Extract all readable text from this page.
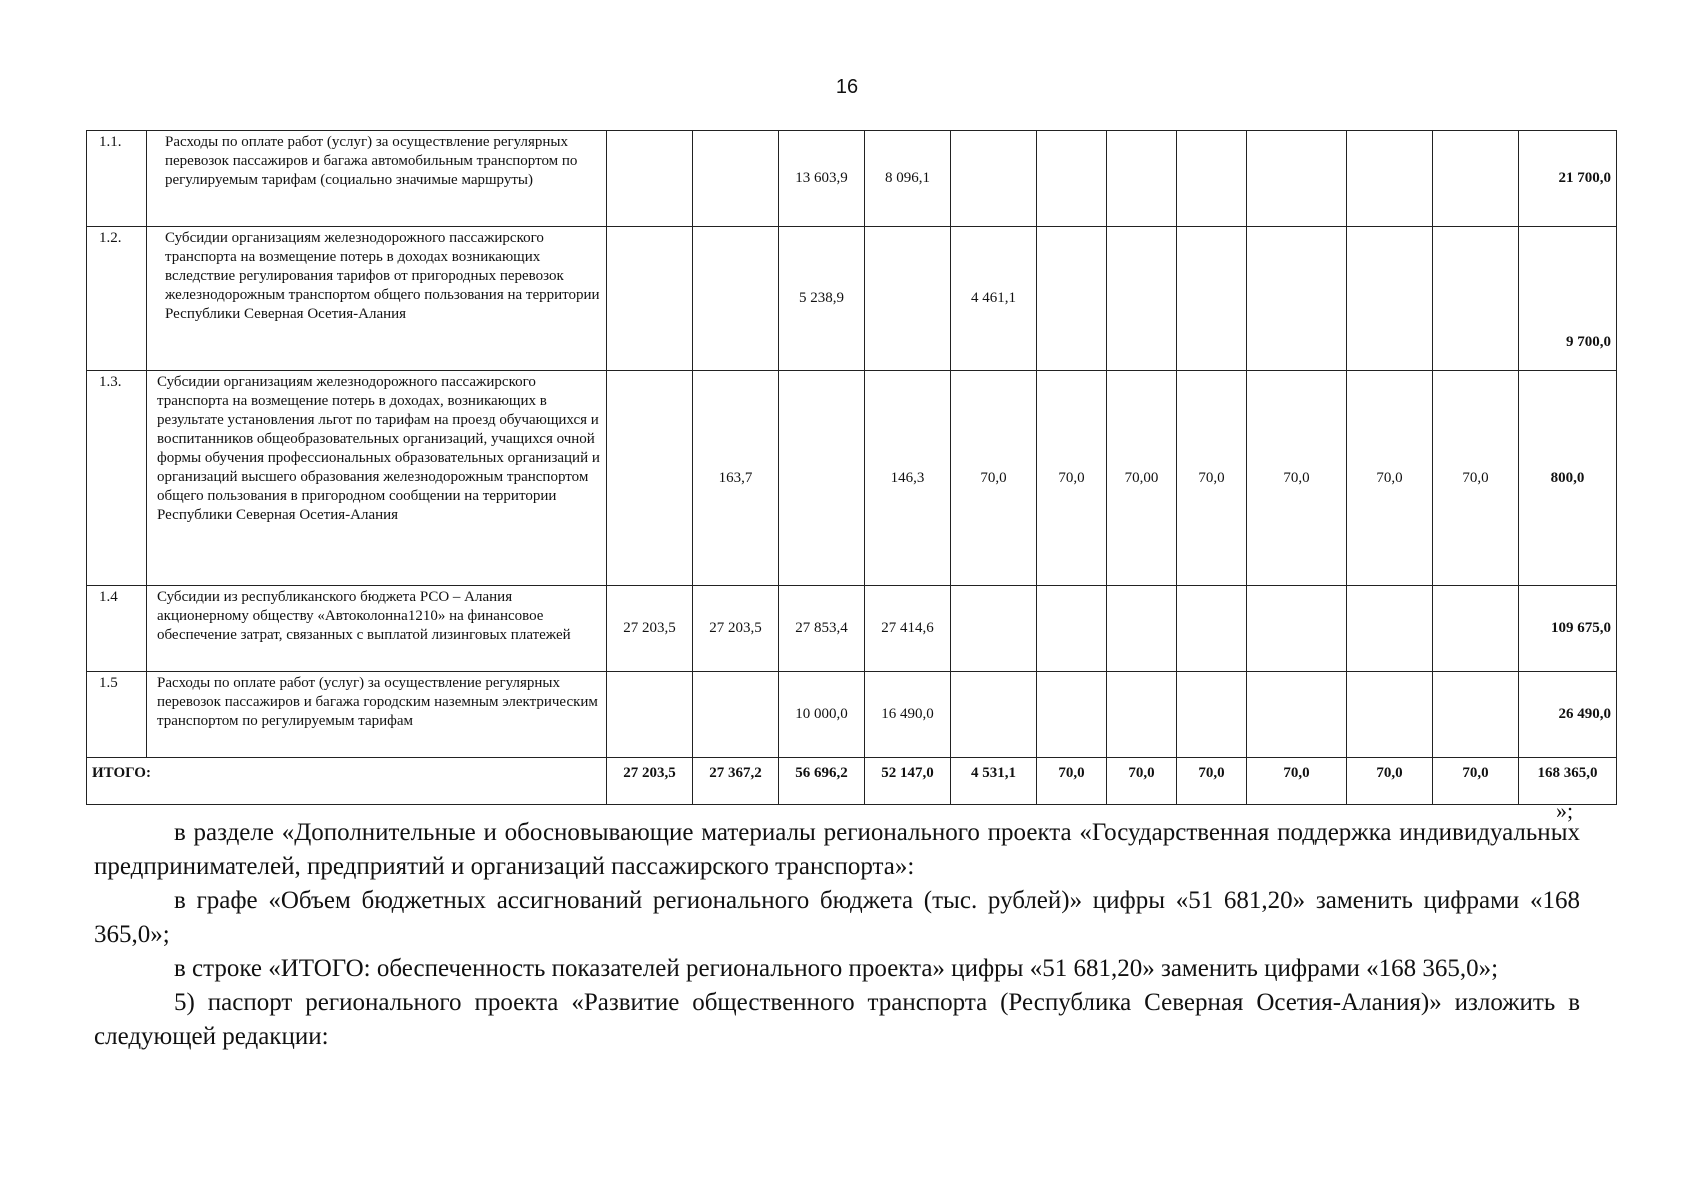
16
1.1.	Расходы по оплате работ (услуг) за осуществление регулярных перевозок пассажиров и багажа автомобильным транспортом по регулируемым тарифам (социально значимые маршруты)			13 603,9	8 096,1								21 700,0
1.2.	Субсидии организациям железнодорожного пассажирского транспорта на возмещение потерь в доходах возникающих вследствие регулирования тарифов от пригородных перевозок железнодорожным транспортом общего пользования на территории Республики Северная Осетия-Алания			5 238,9		4 461,1							9 700,0
1.3.	Субсидии организациям железнодорожного пассажирского транспорта на возмещение потерь в доходах, возникающих в результате установления льгот по тарифам на проезд обучающихся и воспитанников общеобразовательных организаций, учащихся очной формы обучения профессиональных образовательных организаций и организаций высшего образования железнодорожным транспортом общего пользования в пригородном сообщении на территории Республики Северная Осетия-Алания		163,7		146,3	70,0	70,0	70,00	70,0	70,0	70,0	70,0	800,0
1.4	Субсидии из республиканского бюджета РСО – Алания акционерному обществу «Автоколонна1210» на финансовое обеспечение затрат, связанных с выплатой лизинговых платежей	27 203,5	27 203,5	27 853,4	27 414,6								109 675,0
1.5	Расходы по оплате работ (услуг) за осуществление регулярных перевозок пассажиров и багажа городским наземным электрическим транспортом по регулируемым тарифам			10 000,0	16 490,0								26 490,0
ИТОГО:		27 203,5	27 367,2	56 696,2	52 147,0	4 531,1	70,0	70,0	70,0	70,0	70,0	70,0	168 365,0
»;

в разделе «Дополнительные и обосновывающие материалы регионального проекта «Государственная поддержка индивидуальных предпринимателей, предприятий и организаций пассажирского транспорта»:

в графе «Объем бюджетных ассигнований регионального бюджета (тыс. рублей)» цифры «51 681,20» заменить цифрами «168 365,0»;

в строке «ИТОГО: обеспеченность показателей регионального проекта» цифры «51 681,20» заменить цифрами «168 365,0»;

5) паспорт регионального проекта «Развитие общественного транспорта (Республика Северная Осетия-Алания)» изложить в следующей редакции:
